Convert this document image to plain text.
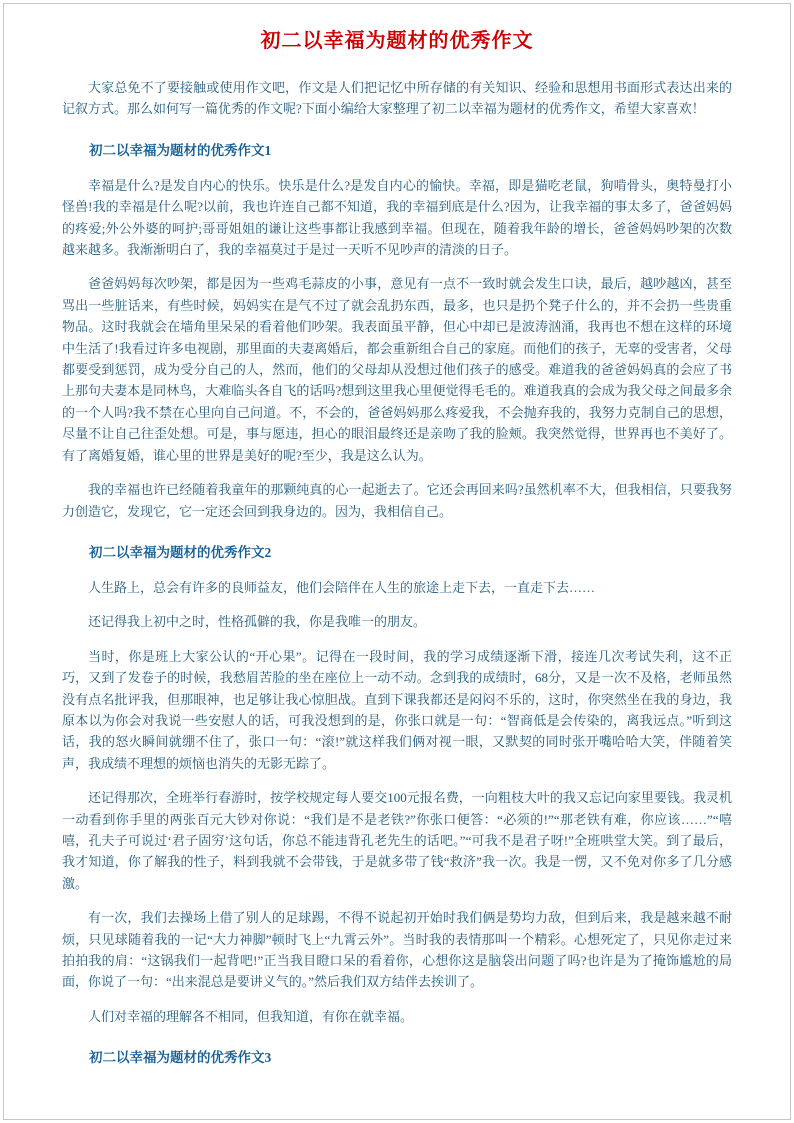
初二以幸福为题材的优秀作文

大家总免不了要接触或使用作文吧，作文是人们把记忆中所存储的有关知识、经验和思想用书面形式表达出来的记叙方式。那么如何写一篇优秀的作文呢?下面小编给大家整理了初二以幸福为题材的优秀作文，希望大家喜欢！

初二以幸福为题材的优秀作文1

幸福是什么?是发自内心的快乐。快乐是什么?是发自内心的愉快。幸福，即是猫吃老鼠，狗啃骨头，奥特曼打小怪兽!我的幸福是什么呢?以前，我也许连自己都不知道，我的幸福到底是什么?因为，让我幸福的事太多了，爸爸妈妈的疼爱;外公外婆的呵护;哥哥姐姐的谦让这些事都让我感到幸福。但现在，随着我年龄的增长，爸爸妈妈吵架的次数越来越多。我渐渐明白了，我的幸福莫过于是过一天听不见吵声的清淡的日子。

爸爸妈妈每次吵架，都是因为一些鸡毛蒜皮的小事，意见有一点不一致时就会发生口诀，最后，越吵越凶，甚至骂出一些脏话来，有些时候，妈妈实在是气不过了就会乱扔东西，最多，也只是扔个凳子什么的，并不会扔一些贵重物品。这时我就会在墙角里呆呆的看着他们吵架。我表面虽平静，但心中却已是波涛汹涌，我再也不想在这样的环境中生活了!我看过许多电视剧，那里面的夫妻离婚后，都会重新组合自己的家庭。而他们的孩子，无辜的受害者，父母都要受到惩罚，成为受分自己的人，然而，他们的父母却从没想过他们孩子的感受。难道我的爸爸妈妈真的会应了书上那句夫妻本是同林鸟，大难临头各自飞的话吗?想到这里我心里便觉得毛毛的。难道我真的会成为我父母之间最多余的一个人吗?我不禁在心里向自己问道。不，不会的，爸爸妈妈那么疼爱我，不会抛弃我的，我努力克制自己的思想，尽量不让自己往歪处想。可是，事与愿违，担心的眼泪最终还是亲吻了我的脸颊。我突然觉得，世界再也不美好了。有了离婚复婚，谁心里的世界是美好的呢?至少，我是这么认为。

我的幸福也许已经随着我童年的那颗纯真的心一起逝去了。它还会再回来吗?虽然机率不大，但我相信，只要我努力创造它，发现它，它一定还会回到我身边的。因为，我相信自己。

初二以幸福为题材的优秀作文2

人生路上，总会有许多的良师益友，他们会陪伴在人生的旅途上走下去，一直走下去……

还记得我上初中之时，性格孤僻的我，你是我唯一的朋友。

当时，你是班上大家公认的“开心果”。记得在一段时间，我的学习成绩逐渐下滑，接连几次考试失利，这不正巧，又到了发卷子的时候，我愁眉苦脸的坐在座位上一动不动。念到我的成绩时，68分，又是一次不及格，老师虽然没有点名批评我，但那眼神，也足够让我心惊胆战。直到下课我都还是闷闷不乐的，这时，你突然坐在我的身边，我原本以为你会对我说一些安慰人的话，可我没想到的是，你张口就是一句：“智商低是会传染的，离我远点。”听到这话，我的怒火瞬间就绷不住了，张口一句：“滚!”就这样我们俩对视一眼，又默契的同时张开嘴哈哈大笑，伴随着笑声，我成绩不理想的烦恼也消失的无影无踪了。

还记得那次，全班举行春游时，按学校规定每人要交100元报名费，一向粗枝大叶的我又忘记向家里要钱。我灵机一动看到你手里的两张百元大钞对你说：“我们是不是老铁?”你张口便答：“必须的!”“那老铁有难，你应该……”“嘻嘻，孔夫子可说过‘君子固穷’这句话，你总不能违背孔老先生的话吧。”“可我不是君子呀!”全班哄堂大笑。到了最后，我才知道，你了解我的性子，料到我就不会带钱，于是就多带了钱“救济”我一次。我是一愣，又不免对你多了几分感激。

有一次，我们去操场上借了别人的足球踢，不得不说起初开始时我们俩是势均力敌，但到后来，我是越来越不耐烦，只见球随着我的一记“大力神脚”顿时飞上“九霄云外”。当时我的表情那叫一个精彩。心想死定了，只见你走过来拍拍我的肩：“这锅我们一起背吧!”正当我目瞪口呆的看着你，心想你这是脑袋出问题了吗?也许是为了掩饰尴尬的局面，你说了一句：“出来混总是要讲义气的。”然后我们双方结伴去挨训了。

人们对幸福的理解各不相同，但我知道，有你在就幸福。

初二以幸福为题材的优秀作文3
